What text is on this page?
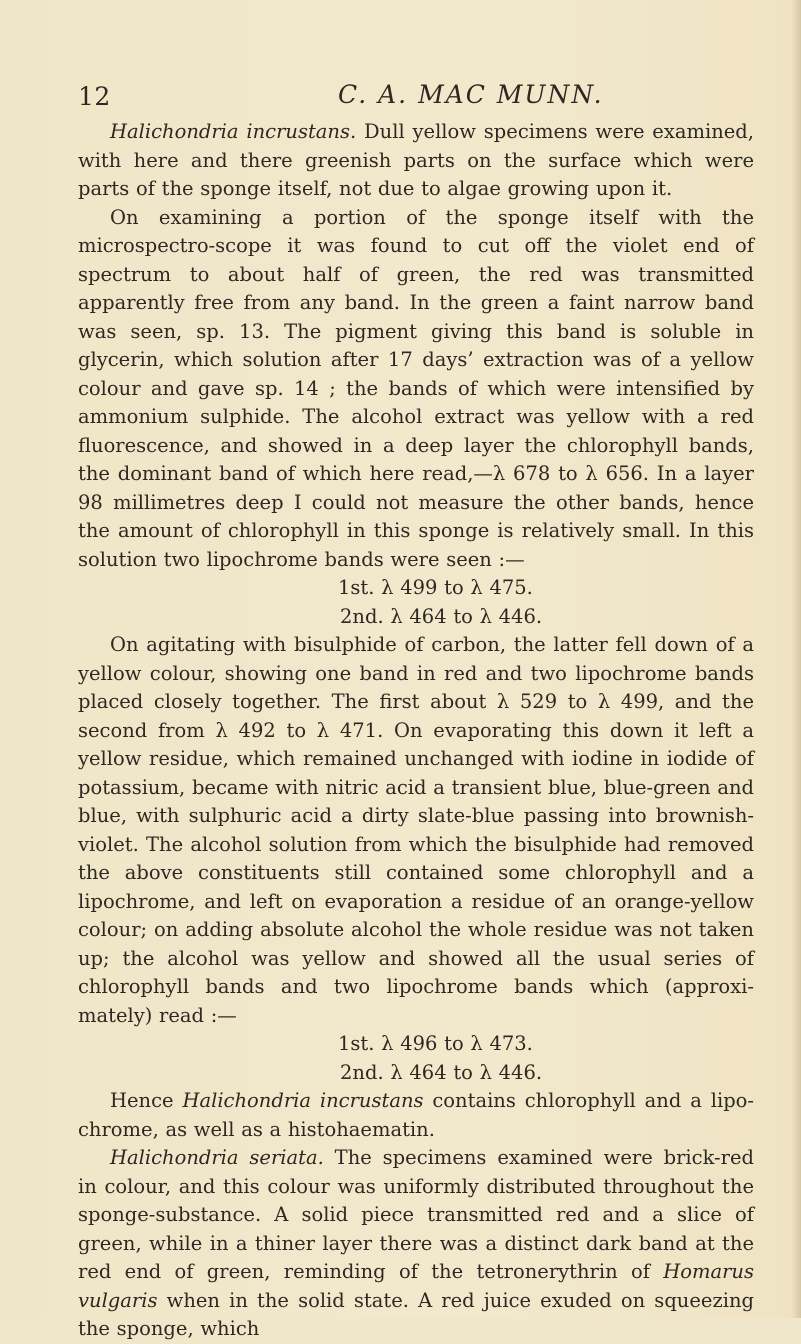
12	C. A. MAC MUNN.

Halichondria incrustans. Dull yellow specimens were examined, with here and there greenish parts on the surface which were parts of the sponge itself, not due to algae growing upon it.

On examining a portion of the sponge itself with the microspectro-scope it was found to cut off the violet end of spectrum to about half of green, the red was transmitted apparently free from any band. In the green a faint narrow band was seen, sp. 13. The pigment giving this band is soluble in glycerin, which solution after 17 days’ extraction was of a yellow colour and gave sp. 14 ; the bands of which were intensified by ammonium sulphide. The alcohol extract was yellow with a red fluorescence, and showed in a deep layer the chlorophyll bands, the dominant band of which here read,—λ 678 to λ 656. In a layer 98 millimetres deep I could not measure the other bands, hence the amount of chlorophyll in this sponge is relatively small. In this solution two lipochrome bands were seen :—

1st. λ 499 to λ 475.
2nd. λ 464 to λ 446.

On agitating with bisulphide of carbon, the latter fell down of a yellow colour, showing one band in red and two lipochrome bands placed closely together. The first about λ 529 to λ 499, and the second from λ 492 to λ 471. On evaporating this down it left a yellow residue, which remained unchanged with iodine in iodide of potassium, became with nitric acid a transient blue, blue-green and blue, with sulphuric acid a dirty slate-blue passing into brownish-violet. The alcohol solution from which the bisulphide had removed the above constituents still contained some chlorophyll and a lipochrome, and left on evaporation a residue of an orange-yellow colour; on adding absolute alcohol the whole residue was not taken up; the alcohol was yellow and showed all the usual series of chlorophyll bands and two lipochrome bands which (approxi-mately) read :—

1st. λ 496 to λ 473.
2nd. λ 464 to λ 446.

Hence Halichondria incrustans contains chlorophyll and a lipo-chrome, as well as a histohaematin.

Halichondria seriata. The specimens examined were brick-red in colour, and this colour was uniformly distributed throughout the sponge-substance. A solid piece transmitted red and a slice of green, while in a thiner layer there was a distinct dark band at the red end of green, reminding of the tetronerythrin of Homarus vulgaris when in the solid state. A red juice exuded on squeezing the sponge, which
